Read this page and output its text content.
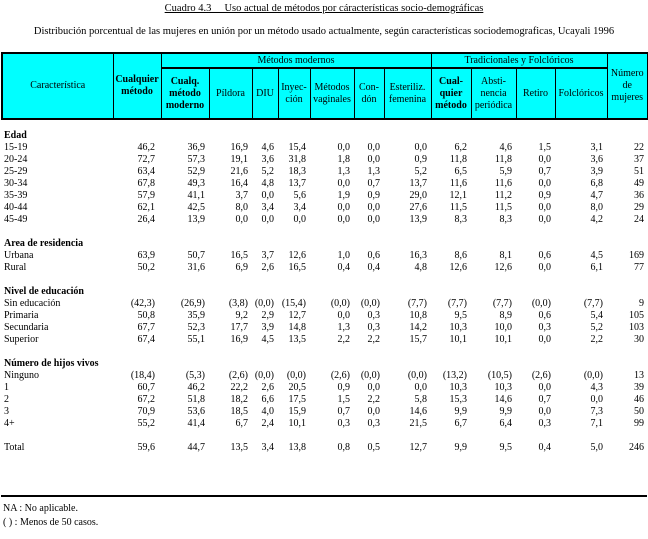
Cuadro 4.3     Uso actual de métodos por cáracterísticas socio-demográficas
Distribución porcentual de las mujeres en unión por un método usado actualmente, según características sociodemograficas, Ucayali 1996
Característica	Cualquier método	Métodos modernos							Tradicionales y Folclóricos				Número de mujeres
		Cualq. método moderno	Píldora	DIU	Inyec-ción	Métodos vaginales	Con-dón	Esteriliz. femenina	Cual-quier método	Absti-nencia periódica	Retiro	Folclóricos	

Edad													
15-19	46,2	36,9	16,9	4,6	15,4	0,0	0,0	0,0	6,2	4,6	1,5	3,1	22
20-24	72,7	57,3	19,1	3,6	31,8	1,8	0,0	0,9	11,8	11,8	0,0	3,6	37
25-29	63,4	52,9	21,6	5,2	18,3	1,3	1,3	5,2	6,5	5,9	0,7	3,9	51
30-34	67,8	49,3	16,4	4,8	13,7	0,0	0,7	13,7	11,6	11,6	0,0	6,8	49
35-39	57,9	41,1	3,7	0,0	5,6	1,9	0,9	29,0	12,1	11,2	0,9	4,7	36
40-44	62,1	42,5	8,0	3,4	3,4	0,0	0,0	27,6	11,5	11,5	0,0	8,0	29
45-49	26,4	13,9	0,0	0,0	0,0	0,0	0,0	13,9	8,3	8,3	0,0	4,2	24

Area de residencia													
Urbana	63,9	50,7	16,5	3,7	12,6	1,0	0,6	16,3	8,6	8,1	0,6	4,5	169
Rural	50,2	31,6	6,9	2,6	16,5	0,4	0,4	4,8	12,6	12,6	0,0	6,1	77

Nivel de educación													
Sin educación	(42,3)	(26,9)	(3,8)	(0,0)	(15,4)	(0,0)	(0,0)	(7,7)	(7,7)	(7,7)	(0,0)	(7,7)	9
Primaria	50,8	35,9	9,2	2,9	12,7	0,0	0,3	10,8	9,5	8,9	0,6	5,4	105
Secundaria	67,7	52,3	17,7	3,9	14,8	1,3	0,3	14,2	10,3	10,0	0,3	5,2	103
Superior	67,4	55,1	16,9	4,5	13,5	2,2	2,2	15,7	10,1	10,1	0,0	2,2	30

Número de hijos vivos													
Ninguno	(18,4)	(5,3)	(2,6)	(0,0)	(0,0)	(2,6)	(0,0)	(0,0)	(13,2)	(10,5)	(2,6)	(0,0)	13
1	60,7	46,2	22,2	2,6	20,5	0,9	0,0	0,0	10,3	10,3	0,0	4,3	39
2	67,2	51,8	18,2	6,6	17,5	1,5	2,2	5,8	15,3	14,6	0,7	0,0	46
3	70,9	53,6	18,5	4,0	15,9	0,7	0,0	14,6	9,9	9,9	0,0	7,3	50
4+	55,2	41,4	6,7	2,4	10,1	0,3	0,3	21,5	6,7	6,4	0,3	7,1	99

Total	59,6	44,7	13,5	3,4	13,8	0,8	0,5	12,7	9,9	9,5	0,4	5,0	246
NA : No aplicable.
( ) : Menos de 50 casos.
